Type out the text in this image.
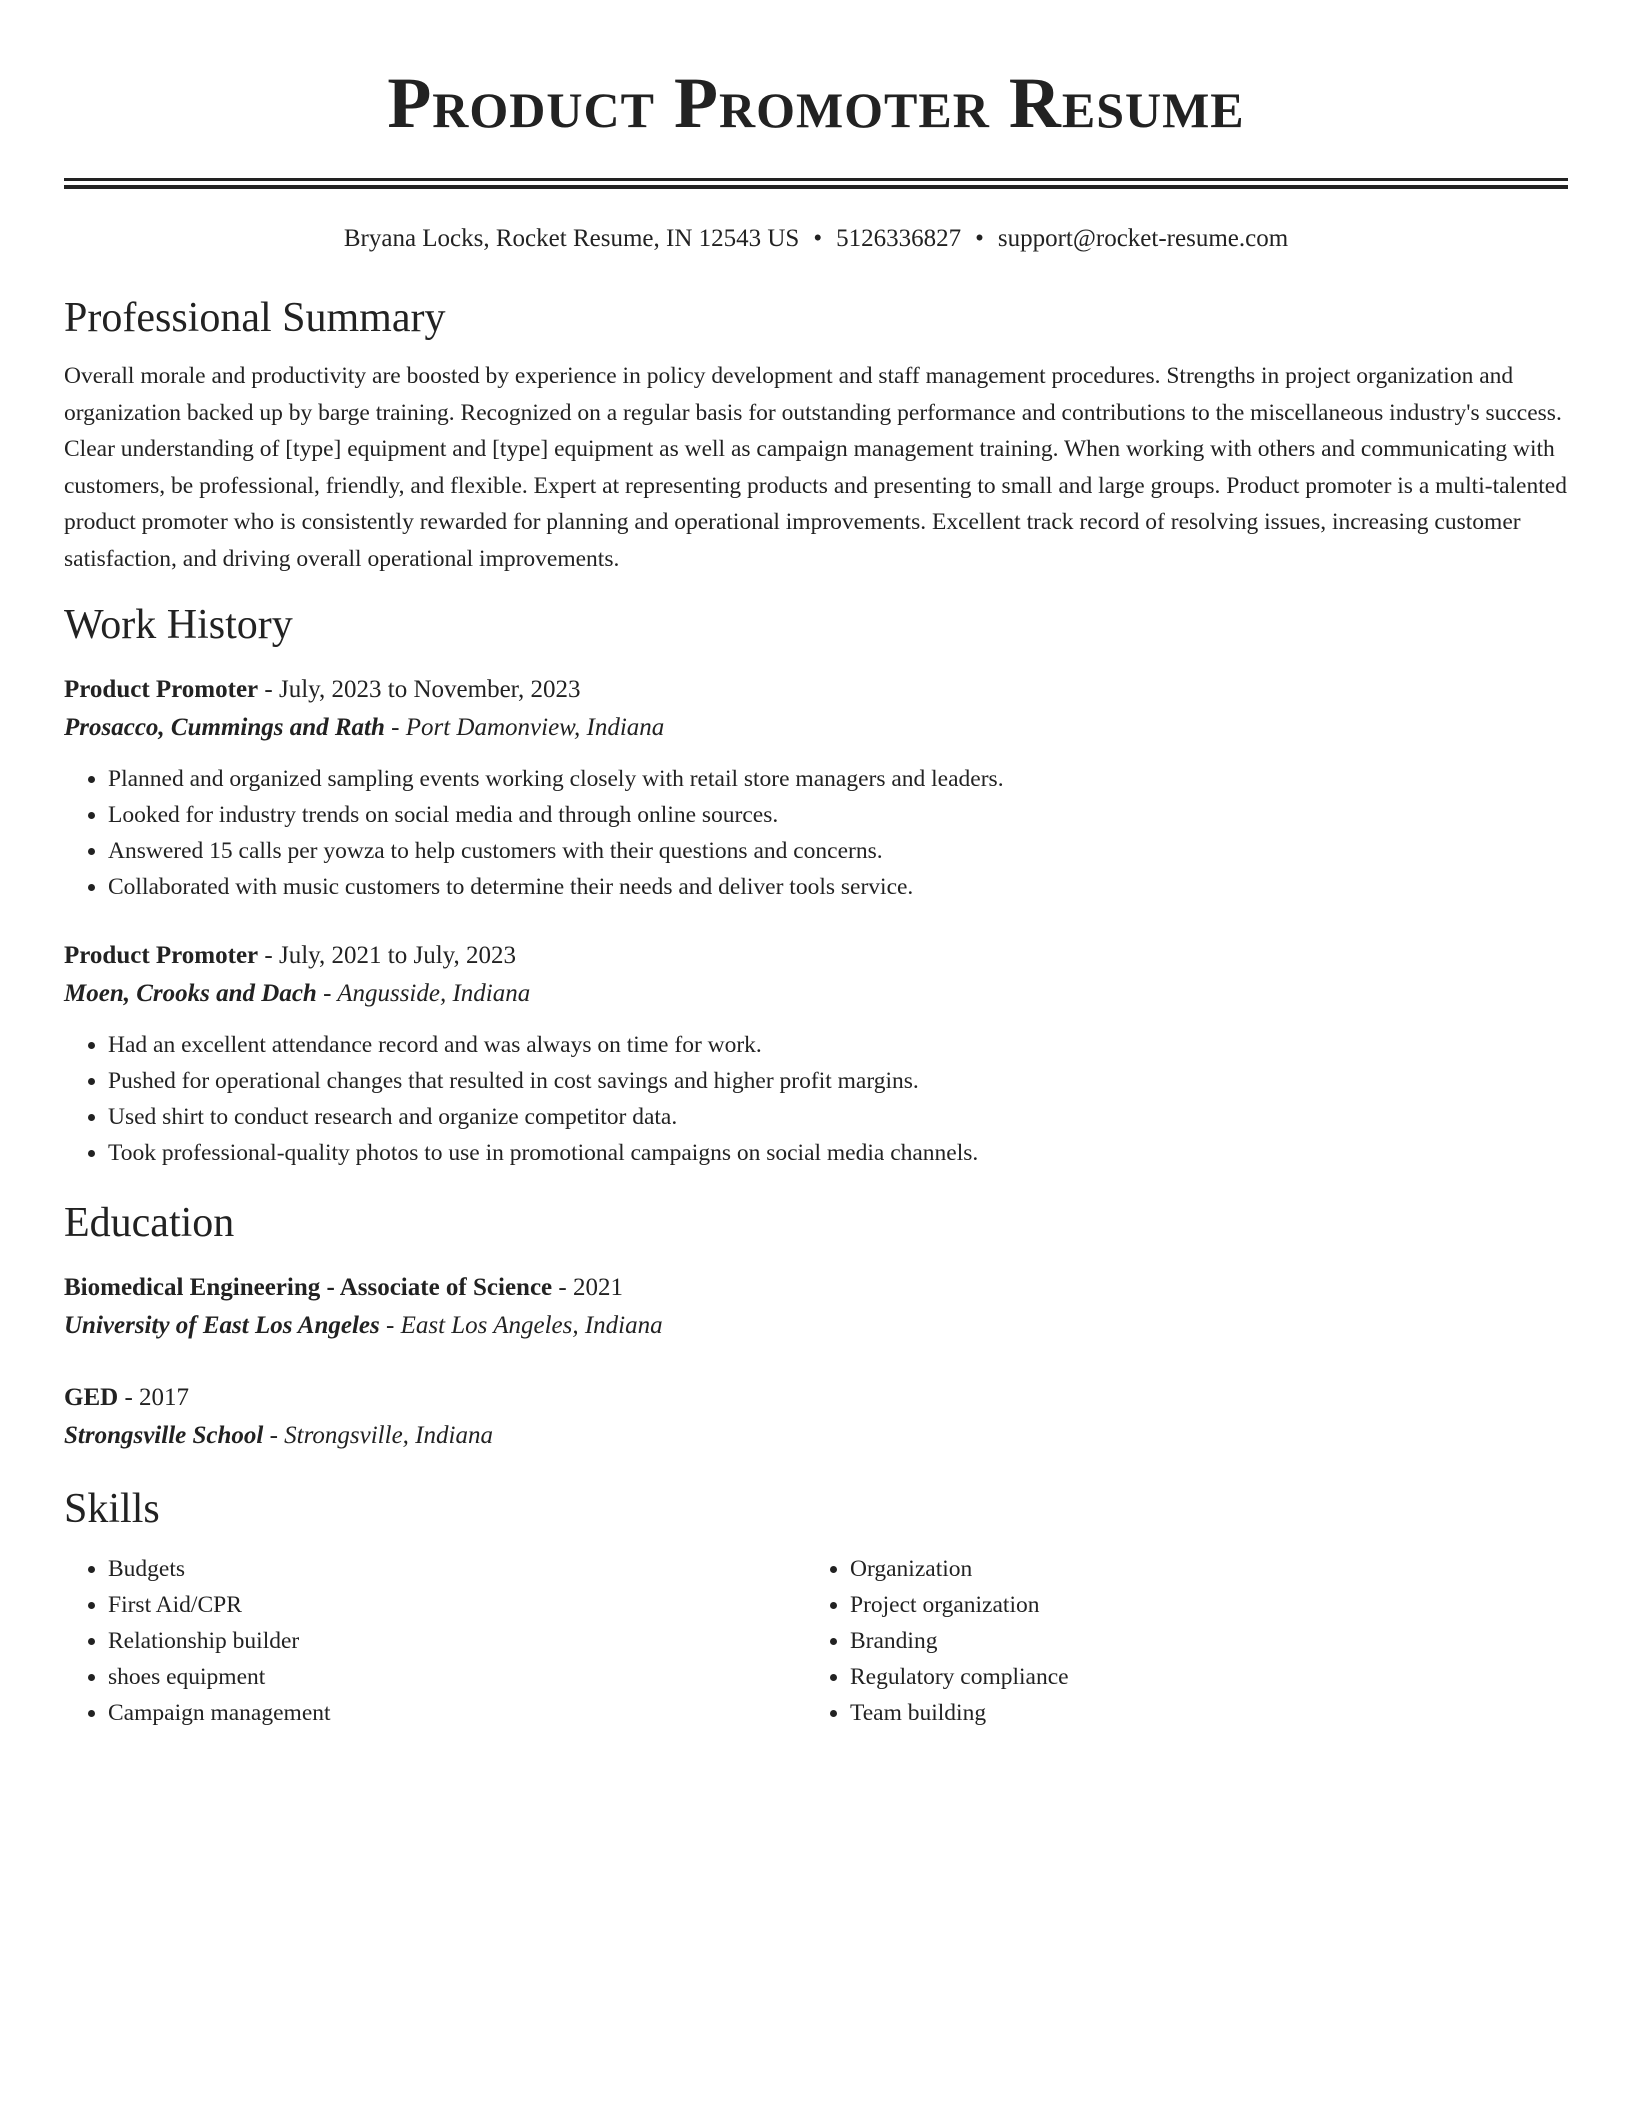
Product Promoter Resume
Bryana Locks, Rocket Resume, IN 12543 US • 5126336827 • support@rocket-resume.com
Professional Summary
Overall morale and productivity are boosted by experience in policy development and staff management procedures. Strengths in project organization and organization backed up by barge training. Recognized on a regular basis for outstanding performance and contributions to the miscellaneous industry's success. Clear understanding of [type] equipment and [type] equipment as well as campaign management training. When working with others and communicating with customers, be professional, friendly, and flexible. Expert at representing products and presenting to small and large groups. Product promoter is a multi-talented product promoter who is consistently rewarded for planning and operational improvements. Excellent track record of resolving issues, increasing customer satisfaction, and driving overall operational improvements.
Work History
Product Promoter - July, 2023 to November, 2023
Prosacco, Cummings and Rath - Port Damonview, Indiana
• Planned and organized sampling events working closely with retail store managers and leaders.
• Looked for industry trends on social media and through online sources.
• Answered 15 calls per yowza to help customers with their questions and concerns.
• Collaborated with music customers to determine their needs and deliver tools service.
Product Promoter - July, 2021 to July, 2023
Moen, Crooks and Dach - Angusside, Indiana
• Had an excellent attendance record and was always on time for work.
• Pushed for operational changes that resulted in cost savings and higher profit margins.
• Used shirt to conduct research and organize competitor data.
• Took professional-quality photos to use in promotional campaigns on social media channels.
Education
Biomedical Engineering - Associate of Science - 2021
University of East Los Angeles - East Los Angeles, Indiana
GED - 2017
Strongsville School - Strongsville, Indiana
Skills
• Budgets
• First Aid/CPR
• Relationship builder
• shoes equipment
• Campaign management
• Organization
• Project organization
• Branding
• Regulatory compliance
• Team building
